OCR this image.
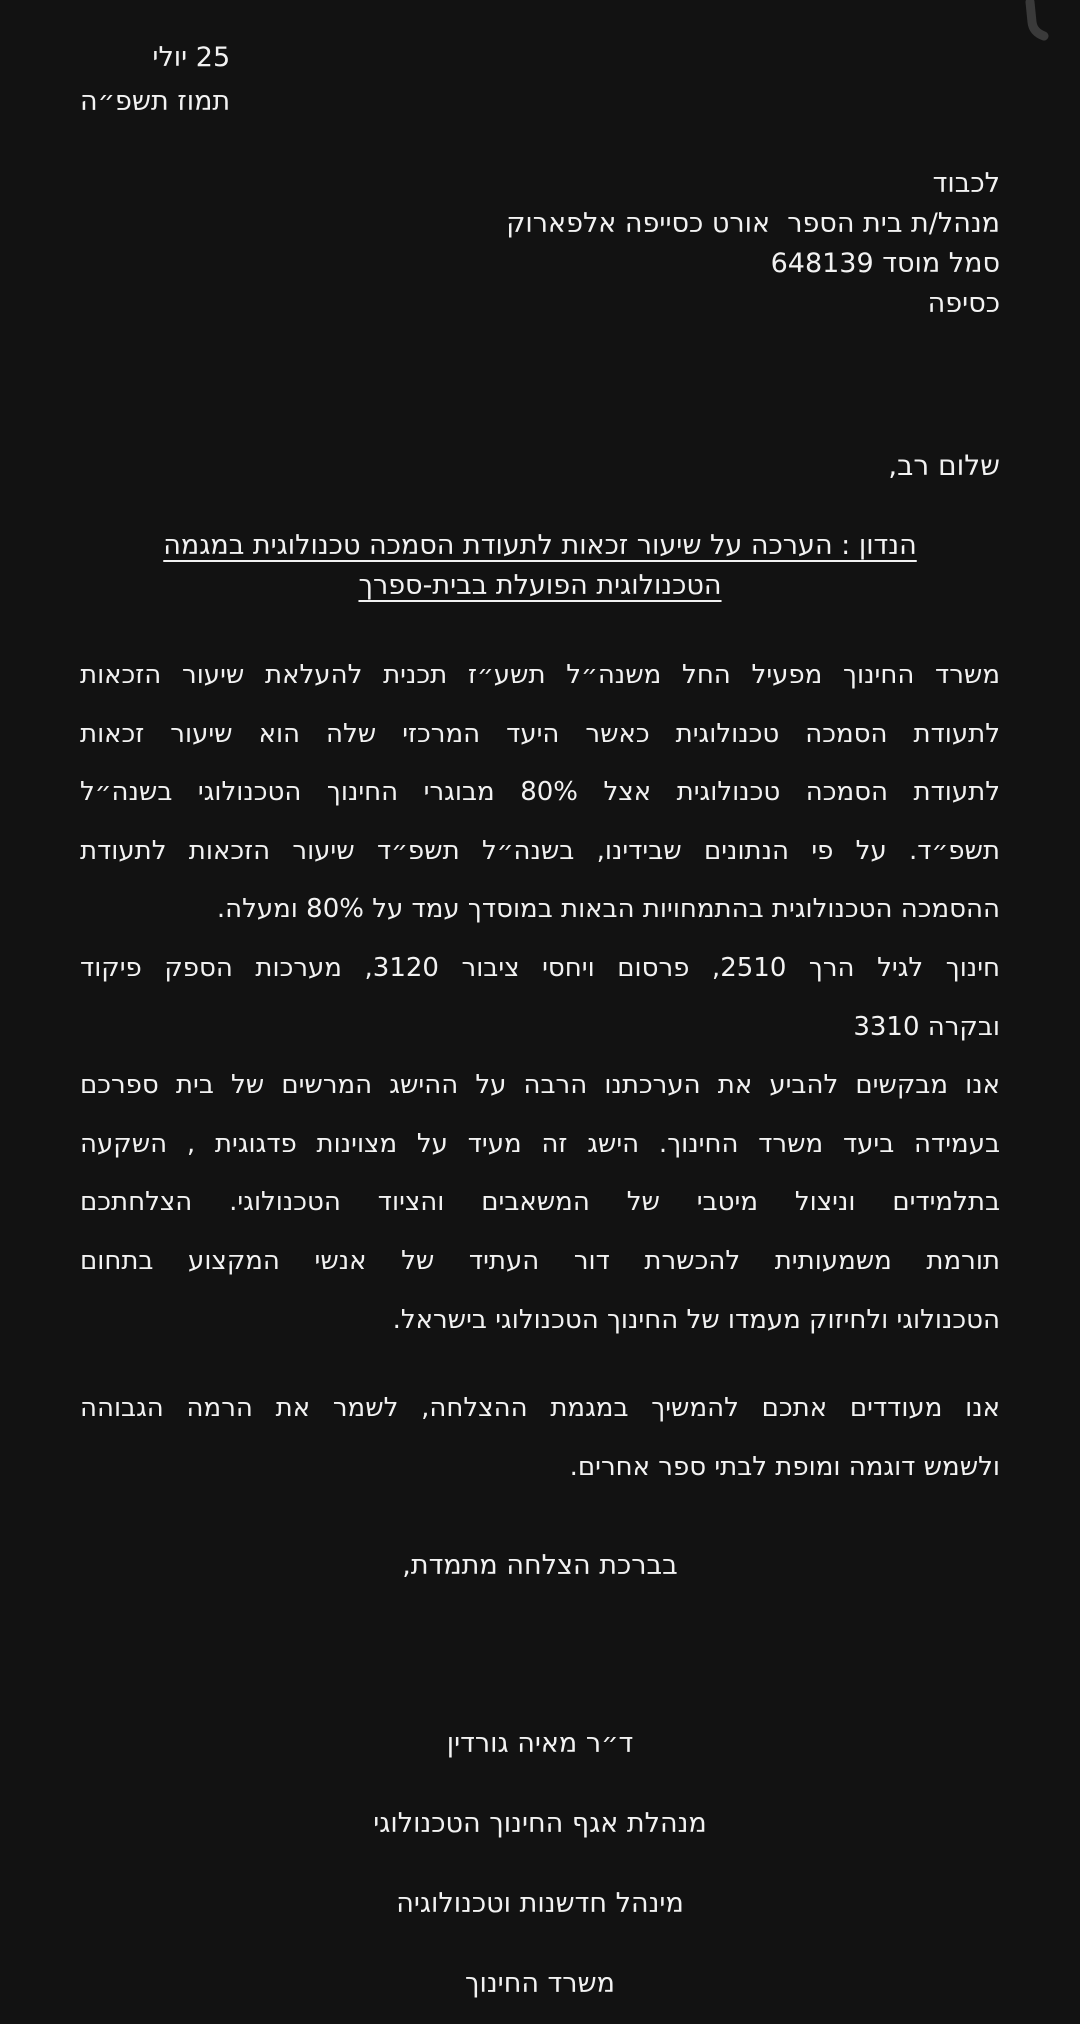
25 יולי
תמוז תשפ״ה
לכבוד
מנהל/ת בית הספר  אורט כסייפה אלפארוק
סמל מוסד 648139
כסיפה
שלום רב,
הנדון : הערכה על שיעור זכאות לתעודת הסמכה טכנולוגית במגמה
הטכנולוגית הפועלת בבית-ספרך
משרד החינוך מפעיל החל משנה״ל תשע״ז תכנית להעלאת שיעור הזכאות
לתעודת הסמכה טכנולוגית כאשר היעד המרכזי שלה הוא שיעור זכאות
לתעודת הסמכה טכנולוגית אצל 80% מבוגרי החינוך הטכנולוגי בשנה״ל
תשפ״ד. על פי הנתונים שבידינו, בשנה״ל תשפ״ד שיעור הזכאות לתעודת
ההסמכה הטכנולוגית בהתמחויות הבאות במוסדך עמד על 80% ומעלה.
חינוך לגיל הרך 2510, פרסום ויחסי ציבור 3120, מערכות הספק פיקוד
ובקרה 3310
אנו מבקשים להביע את הערכתנו הרבה על ההישג המרשים של בית ספרכם
בעמידה ביעד משרד החינוך. הישג זה מעיד על מצוינות פדגוגית , השקעה
בתלמידים וניצול מיטבי של המשאבים והציוד הטכנולוגי. הצלחתכם
תורמת משמעותית להכשרת דור העתיד של אנשי המקצוע בתחום
הטכנולוגי ולחיזוק מעמדו של החינוך הטכנולוגי בישראל.
אנו מעודדים אתכם להמשיך במגמת ההצלחה, לשמר את הרמה הגבוהה
ולשמש דוגמה ומופת לבתי ספר אחרים.
בברכת הצלחה מתמדת,
ד״ר מאיה גורדין
מנהלת אגף החינוך הטכנולוגי
מינהל חדשנות וטכנולוגיה
משרד החינוך
